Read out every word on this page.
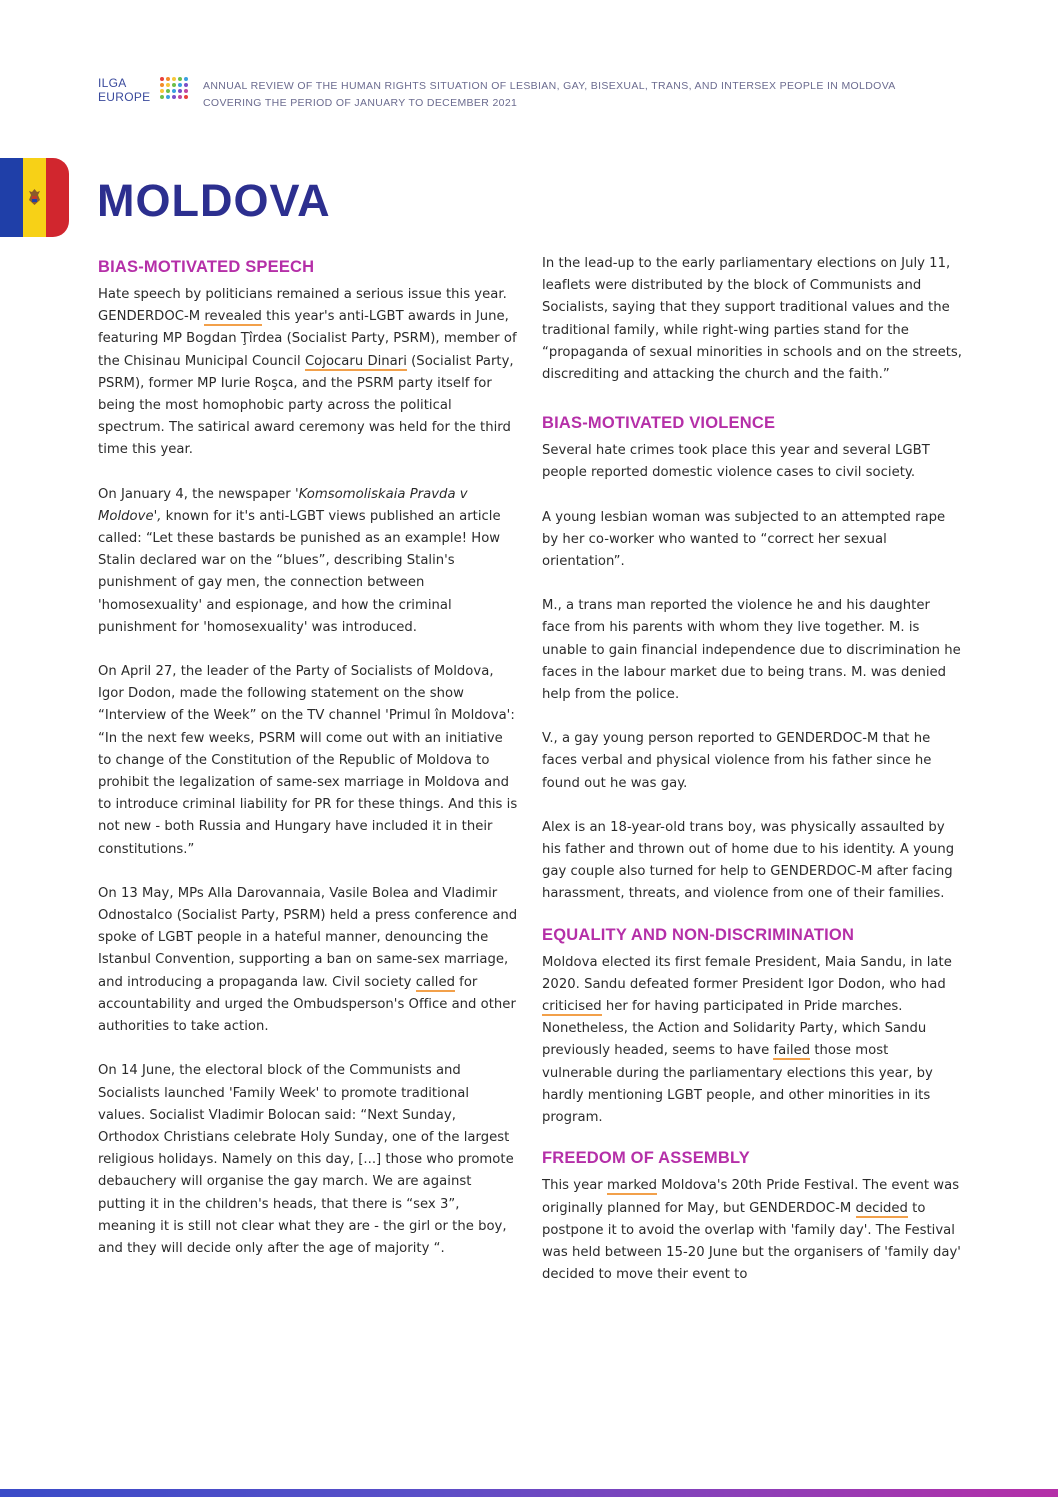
ILGA
EUROPE
ANNUAL REVIEW OF THE HUMAN RIGHTS SITUATION OF LESBIAN, GAY, BISEXUAL, TRANS, AND INTERSEX PEOPLE IN MOLDOVA
COVERING THE PERIOD OF JANUARY TO DECEMBER 2021
MOLDOVA
BIAS-MOTIVATED SPEECH

Hate speech by politicians remained a serious issue this year. GENDERDOC-M revealed this year's anti-LGBT awards in June, featuring MP Bogdan Ţîrdea (Socialist Party, PSRM), member of the Chisinau Municipal Council Cojocaru Dinari (Socialist Party, PSRM), former MP Iurie Roşca, and the PSRM party itself for being the most homophobic party across the political spectrum. The satirical award ceremony was held for the third time this year.

On January 4, the newspaper 'Komsomoliskaia Pravda v Moldove', known for it's anti-LGBT views published an article called: “Let these bastards be punished as an example! How Stalin declared war on the “blues”, describing Stalin's punishment of gay men, the connection between 'homosexuality' and espionage, and how the criminal punishment for 'homosexuality' was introduced.

On April 27, the leader of the Party of Socialists of Moldova, Igor Dodon, made the following statement on the show “Interview of the Week” on the TV channel 'Primul în Moldova': “In the next few weeks, PSRM will come out with an initiative to change of the Constitution of the Republic of Moldova to prohibit the legalization of same-sex marriage in Moldova and to introduce criminal liability for PR for these things. And this is not new - both Russia and Hungary have included it in their constitutions.”

On 13 May, MPs Alla Darovannaia, Vasile Bolea and Vladimir Odnostalco (Socialist Party, PSRM) held a press conference and spoke of LGBT people in a hateful manner, denouncing the Istanbul Convention, supporting a ban on same-sex marriage, and introducing a propaganda law. Civil society called for accountability and urged the Ombudsperson's Office and other authorities to take action.

On 14 June, the electoral block of the Communists and Socialists launched 'Family Week' to promote traditional values. Socialist Vladimir Bolocan said: “Next Sunday, Orthodox Christians celebrate Holy Sunday, one of the largest religious holidays. Namely on this day, [...] those who promote debauchery will organise the gay march. We are against putting it in the children's heads, that there is “sex 3”, meaning it is still not clear what they are - the girl or the boy, and they will decide only after the age of majority “.

In the lead-up to the early parliamentary elections on July 11, leaflets were distributed by the block of Communists and Socialists, saying that they support traditional values and the traditional family, while right-wing parties stand for the “propaganda of sexual minorities in schools and on the streets, discrediting and attacking the church and the faith.”

BIAS-MOTIVATED VIOLENCE

Several hate crimes took place this year and several LGBT people reported domestic violence cases to civil society.

A young lesbian woman was subjected to an attempted rape by her co-worker who wanted to “correct her sexual orientation”.

M., a trans man reported the violence he and his daughter face from his parents with whom they live together. M. is unable to gain financial independence due to discrimination he faces in the labour market due to being trans. M. was denied help from the police.

V., a gay young person reported to GENDERDOC-M that he faces verbal and physical violence from his father since he found out he was gay.

Alex is an 18-year-old trans boy, was physically assaulted by his father and thrown out of home due to his identity. A young gay couple also turned for help to GENDERDOC-M after facing harassment, threats, and violence from one of their families.

EQUALITY AND NON-DISCRIMINATION

Moldova elected its first female President, Maia Sandu, in late 2020. Sandu defeated former President Igor Dodon, who had criticised her for having participated in Pride marches. Nonetheless, the Action and Solidarity Party, which Sandu previously headed, seems to have failed those most vulnerable during the parliamentary elections this year, by hardly mentioning LGBT people, and other minorities in its program.

FREEDOM OF ASSEMBLY

This year marked Moldova's 20th Pride Festival. The event was originally planned for May, but GENDERDOC-M decided to postpone it to avoid the overlap with 'family day'. The Festival was held between 15-20 June but the organisers of 'family day' decided to move their event to
